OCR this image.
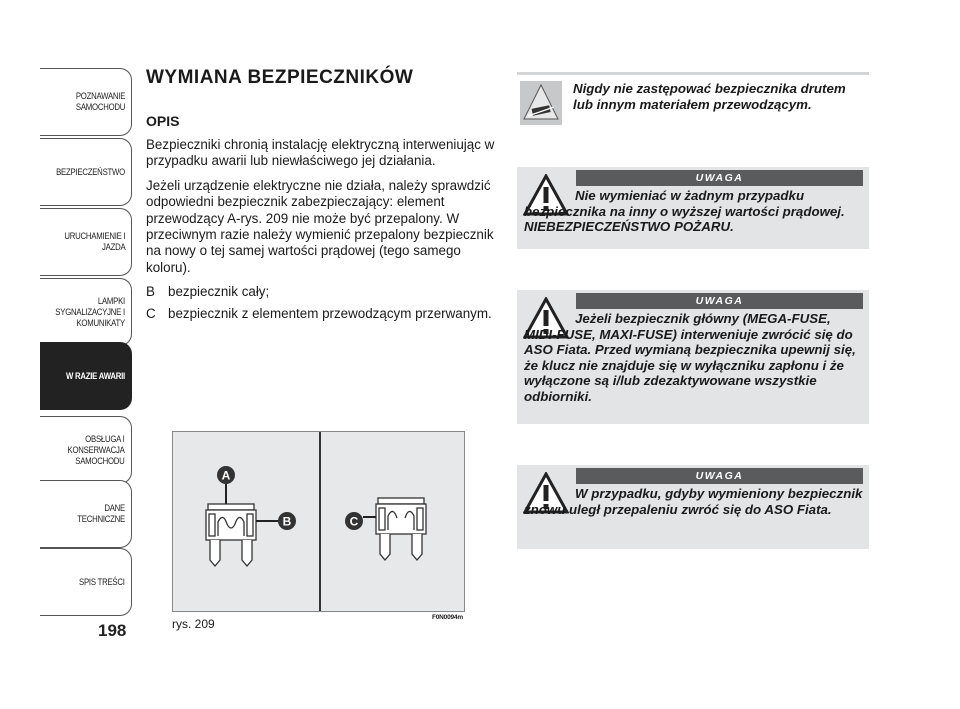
POZNAWANIE
SAMOCHODU
BEZPIECZEŃSTWO
URUCHAMIENIE I
JAZDA
LAMPKI
SYGNALIZACYJNE I
KOMUNIKATY
W RAZIE AWARII
OBSŁUGA I
KONSERWACJA
SAMOCHODU
DANE TECHNICZNE
SPIS TREŚCI
198
WYMIANA BEZPIECZNIKÓW
OPIS

Bezpieczniki chronią instalację elektryczną interweniując w przypadku awarii lub niewłaściwego jej działania.

Jeżeli urządzenie elektryczne nie działa, należy sprawdzić odpowiedni bezpiecznik zabezpieczający: element przewodzący A-rys. 209 nie może być przepalony. W przeciwnym razie należy wymienić przepalony bezpiecznik na nowy o tej samej wartości prądowej (tego samego koloru).

B bezpiecznik cały;
C bezpiecznik z elementem przewodzącym przerwanym.
A
B	C
rys. 209	F0N0094m
Nigdy nie zastępować bezpiecznika drutem lub innym materiałem przewodzącym.
UWAGA
Nie wymieniać w żadnym przypadku bezpiecznika na inny o wyższej wartości prądowej. NIEBEZPIECZEŃSTWO POŻARU.
UWAGA
Jeżeli bezpiecznik główny (MEGA-FUSE, MIDI-FUSE, MAXI-FUSE) interweniuje zwrócić się do ASO Fiata. Przed wymianą bezpiecznika upewnij się, że klucz nie znajduje się w wyłączniku zapłonu i że wyłączone są i/lub zdezaktywowane wszystkie odbiorniki.
UWAGA
W przypadku, gdyby wymieniony bezpiecznik znowu uległ przepaleniu zwróć się do ASO Fiata.
